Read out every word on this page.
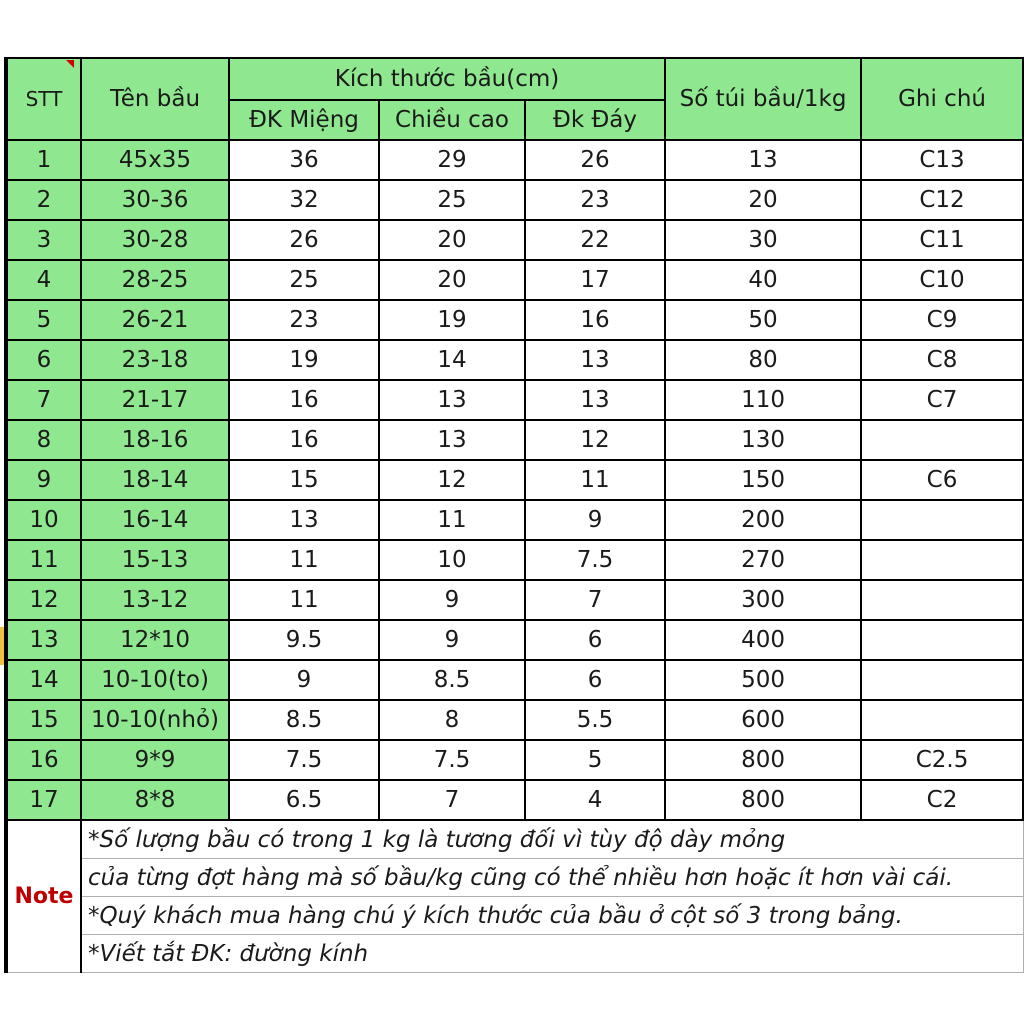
STT	Tên bầu	Kích thước bầu(cm)			Số túi bầu/1kg	Ghi chú
		ĐK Miệng	Chiều cao	Đk Đáy		
1	45x35	36	29	26	13	C13
2	30-36	32	25	23	20	C12
3	30-28	26	20	22	30	C11
4	28-25	25	20	17	40	C10
5	26-21	23	19	16	50	C9
6	23-18	19	14	13	80	C8
7	21-17	16	13	13	110	C7
8	18-16	16	13	12	130	
9	18-14	15	12	11	150	C6
10	16-14	13	11	9	200	
11	15-13	11	10	7.5	270	
12	13-12	11	9	7	300	
13	12*10	9.5	9	6	400	
14	10-10(to)	9	8.5	6	500	
15	10-10(nhỏ)	8.5	8	5.5	600	
16	9*9	7.5	7.5	5	800	C2.5
17	8*8	6.5	7	4	800	C2
Note	*Số lượng bầu có trong 1 kg là tương đối vì tùy độ dày mỏng					
	của từng đợt hàng mà số bầu/kg cũng có thể nhiều hơn hoặc ít hơn vài cái.					
	*Quý khách mua hàng chú ý kích thước của bầu ở cột số 3 trong bảng.					
	*Viết tắt ĐK: đường kính					
